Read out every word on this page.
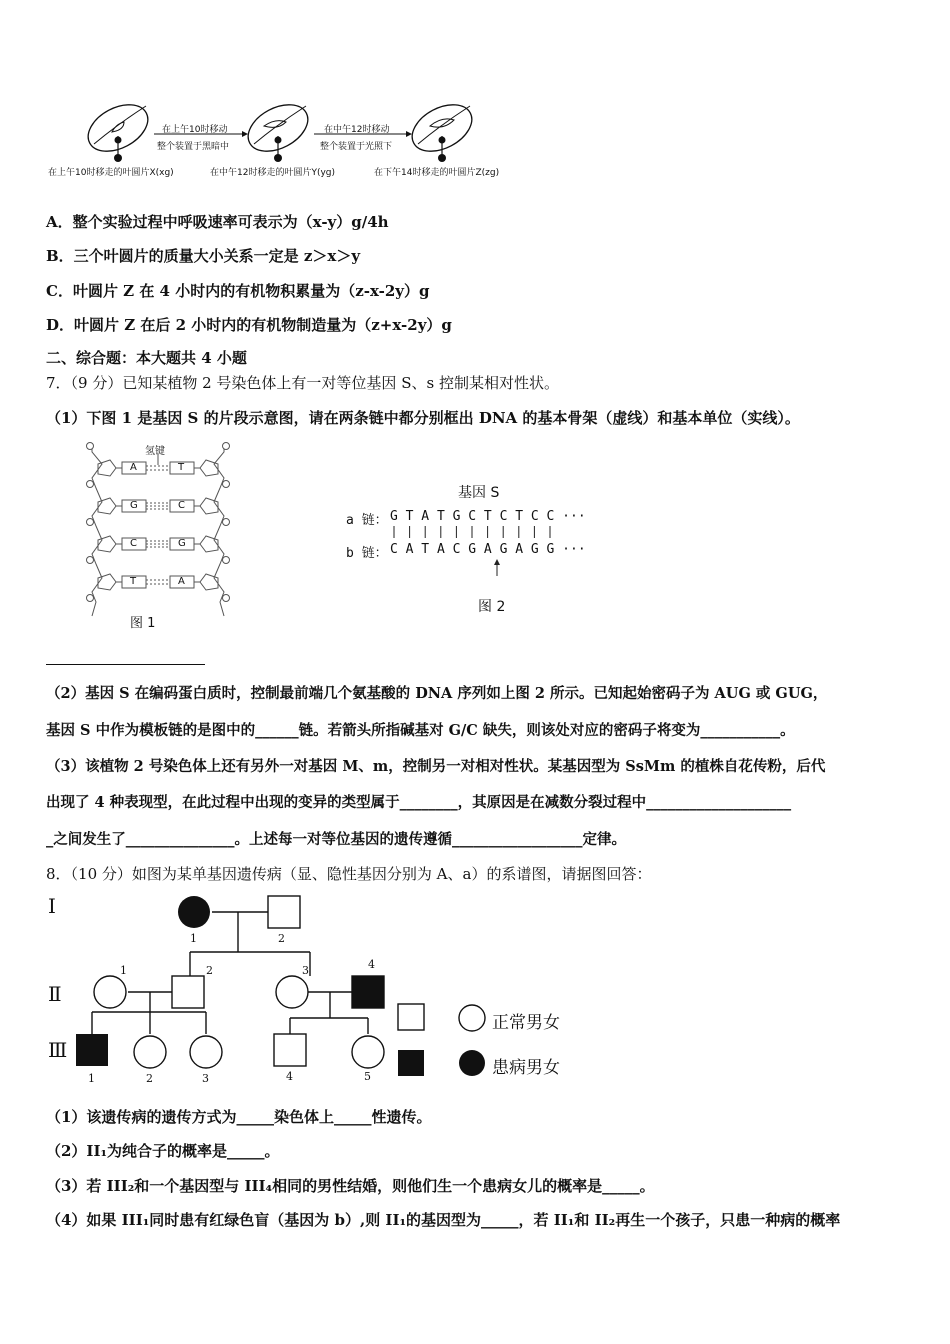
在上午10时移动
整个装置于黑暗中
在中午12时移动
整个装置于光照下
在上午10时移走的叶圆片X(xg)	在中午12时移走的叶圆片Y(yg)	在下午14时移走的叶圆片Z(zg)
A．整个实验过程中呼吸速率可表示为（x-y）g/4h
B．三个叶圆片的质量大小关系一定是 z＞x＞y
C．叶圆片 Z 在 4 小时内的有机物积累量为（z-x-2y）g
D．叶圆片 Z 在后 2 小时内的有机物制造量为（z+x-2y）g
二、综合题：本大题共 4 小题
7．（9 分）已知某植物 2 号染色体上有一对等位基因 S、s 控制某相对性状。
（1）下图 1 是基因 S 的片段示意图，请在两条链中都分别框出 DNA 的基本骨架（虚线）和基本单位（实线）。
氢键
A	T
G	C
C	G
T	A
图 1
基因 S
a 链： G T A T G C T C T C C ···
b 链： C A T A C G A G A G G ···
图 2
（2）基因 S 在编码蛋白质时，控制最前端几个氨基酸的 DNA 序列如上图 2 所示。已知起始密码子为 AUG 或 GUG，
基因 S 中作为模板链的是图中的______链。若箭头所指碱基对 G/C 缺失，则该处对应的密码子将变为___________。
（3）该植物 2 号染色体上还有另外一对基因 M、m，控制另一对相对性状。某基因型为 SsMm 的植株自花传粉，后代
出现了 4 种表现型，在此过程中出现的变异的类型属于________，其原因是在减数分裂过程中____________________
_之间发生了_______________。上述每一对等位基因的遗传遵循__________________定律。
8．（10 分）如图为某单基因遗传病（显、隐性基因分别为 A、a）的系谱图，请据图回答：
Ⅰ
Ⅱ
Ⅲ
1	2
1	2	3	4
1	2	3	4	5
正常男女
患病男女
（1）该遗传病的遗传方式为_____染色体上_____性遗传。
（2）II₁为纯合子的概率是_____。
（3）若 III₂和一个基因型与 III₄相同的男性结婚，则他们生一个患病女儿的概率是_____。
（4）如果 III₁同时患有红绿色盲（基因为 b）,则 II₁的基因型为_____，若 II₁和 II₂再生一个孩子，只患一种病的概率
